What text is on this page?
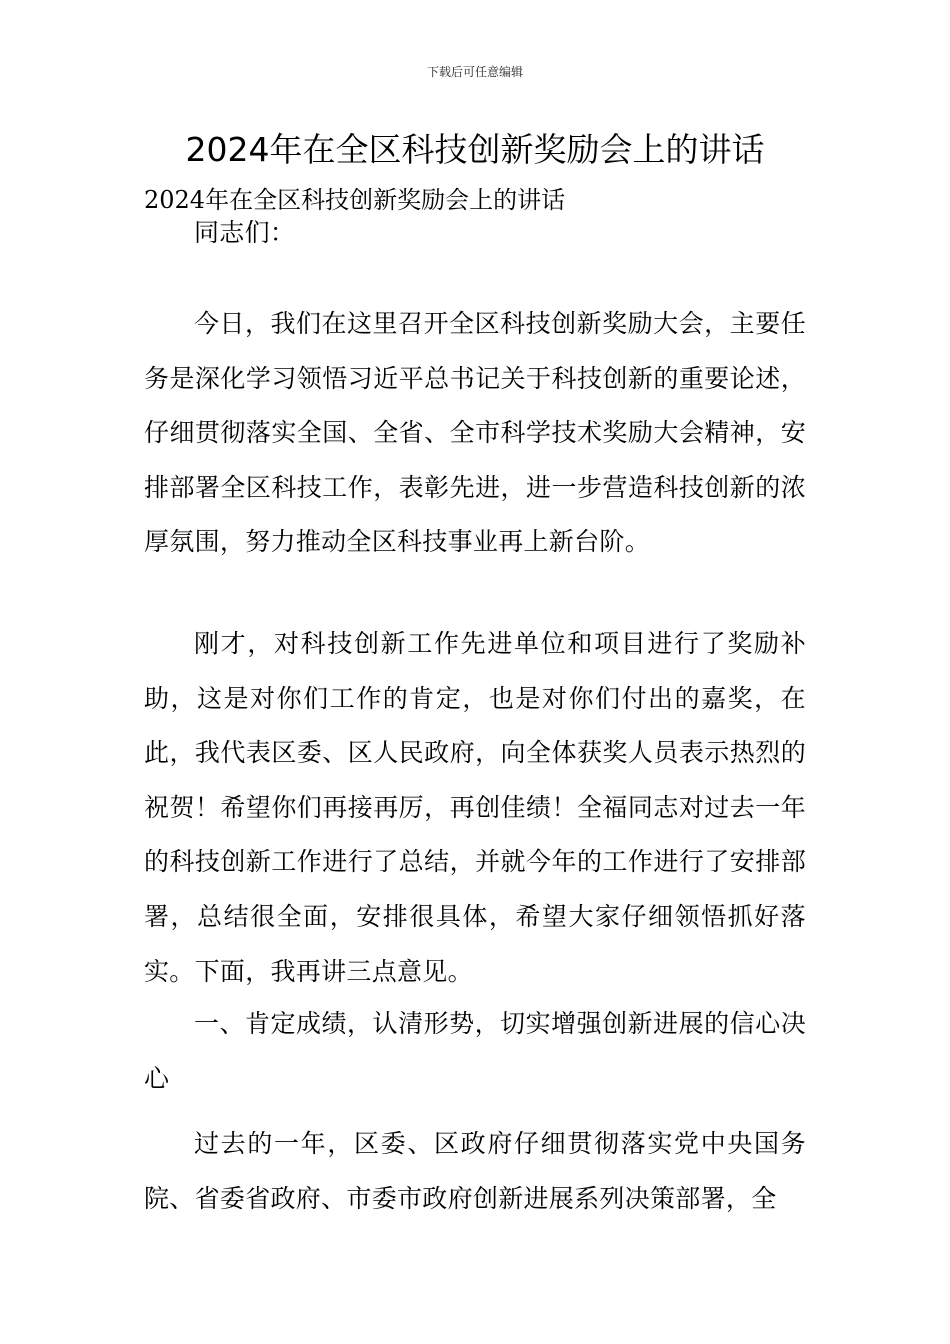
下载后可任意编辑
2024年在全区科技创新奖励会上的讲话

2024年在全区科技创新奖励会上的讲话

同志们：

今日，我们在这里召开全区科技创新奖励大会，主要任务是深化学习领悟习近平总书记关于科技创新的重要论述，仔细贯彻落实全国、全省、全市科学技术奖励大会精神，安排部署全区科技工作，表彰先进，进一步营造科技创新的浓厚氛围，努力推动全区科技事业再上新台阶。

刚才，对科技创新工作先进单位和项目进行了奖励补助，这是对你们工作的肯定，也是对你们付出的嘉奖，在此，我代表区委、区人民政府，向全体获奖人员表示热烈的祝贺！希望你们再接再厉，再创佳绩！全福同志对过去一年的科技创新工作进行了总结，并就今年的工作进行了安排部署，总结很全面，安排很具体，希望大家仔细领悟抓好落实。下面，我再讲三点意见。

一、肯定成绩，认清形势，切实增强创新进展的信心决心

过去的一年，区委、区政府仔细贯彻落实党中央国务院、省委省政府、市委市政府创新进展系列决策部署，全
